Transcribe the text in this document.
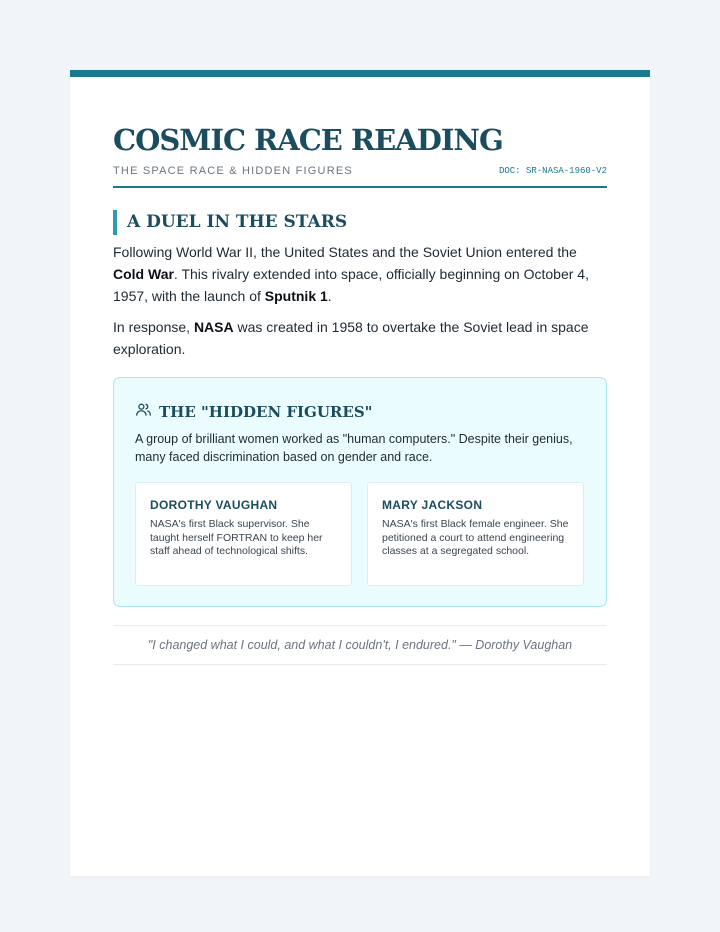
COSMIC RACE READING
THE SPACE RACE & HIDDEN FIGURES	DOC: SR-NASA-1960-V2
A DUEL IN THE STARS

Following World War II, the United States and the Soviet Union entered the Cold War. This rivalry extended into space, officially beginning on October 4, 1957, with the launch of Sputnik 1.

In response, NASA was created in 1958 to overtake the Soviet lead in space exploration.

THE "HIDDEN FIGURES"

A group of brilliant women worked as "human computers." Despite their genius, many faced discrimination based on gender and race.

DOROTHY VAUGHAN
NASA's first Black supervisor. She taught herself FORTRAN to keep her staff ahead of technological shifts.
MARY JACKSON
NASA's first Black female engineer. She petitioned a court to attend engineering classes at a segregated school.
"I changed what I could, and what I couldn't, I endured." — Dorothy Vaughan
